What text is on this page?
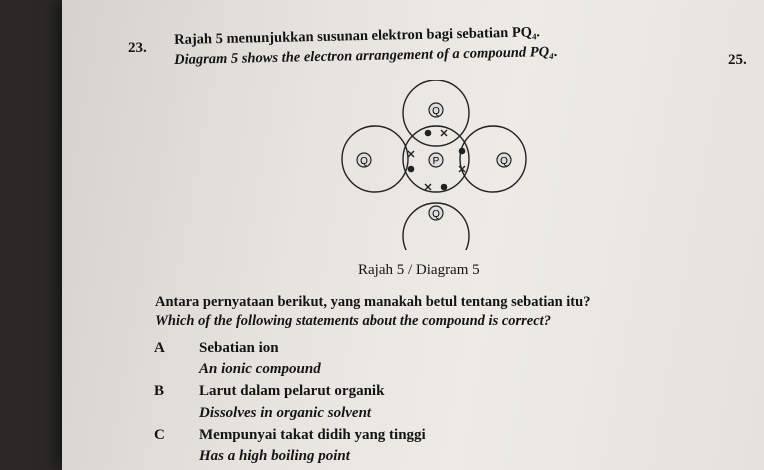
23.
Rajah 5 menunjukkan susunan elektron bagi sebatian PQ₄.
Diagram 5 shows the electron arrangement of a compound PQ₄.	25.
P
Q
Q
Q	Q
Rajah 5 / Diagram 5
Antara pernyataan berikut, yang manakah betul tentang sebatian itu?
Which of the following statements about the compound is correct?
A Sebatian ion
An ionic compound
B Larut dalam pelarut organik
Dissolves in organic solvent
C Mempunyai takat didih yang tinggi
Has a high boiling point
